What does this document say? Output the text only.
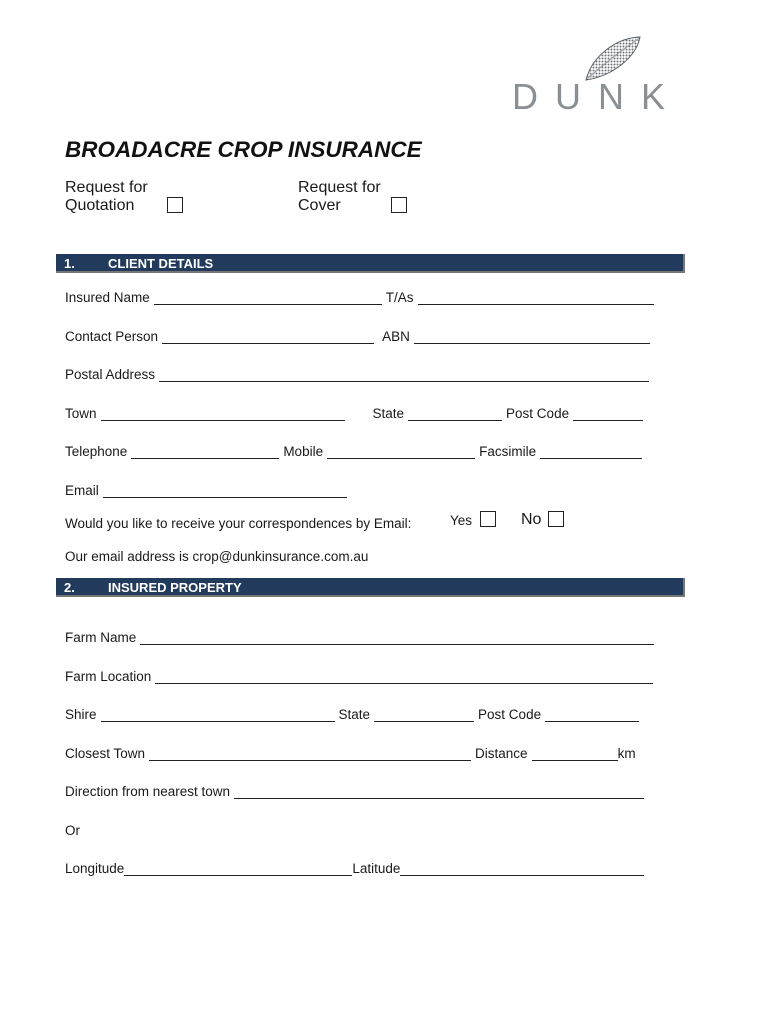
DUNK
BROADACRE CROP INSURANCE
Request for
Quotation
Request for
Cover
1.	CLIENT DETAILS
Insured Name	T/As
Contact Person	ABN
Postal Address
Town	State	Post Code
Telephone	Mobile	Facsimile
Email
Would you like to receive your correspondences by Email:	Yes	No
Our email address is crop@dunkinsurance.com.au
2.	INSURED PROPERTY
Farm Name
Farm Location
Shire	State	Post Code
Closest Town	Distance	km
Direction from nearest town
Or
Longitude	Latitude
